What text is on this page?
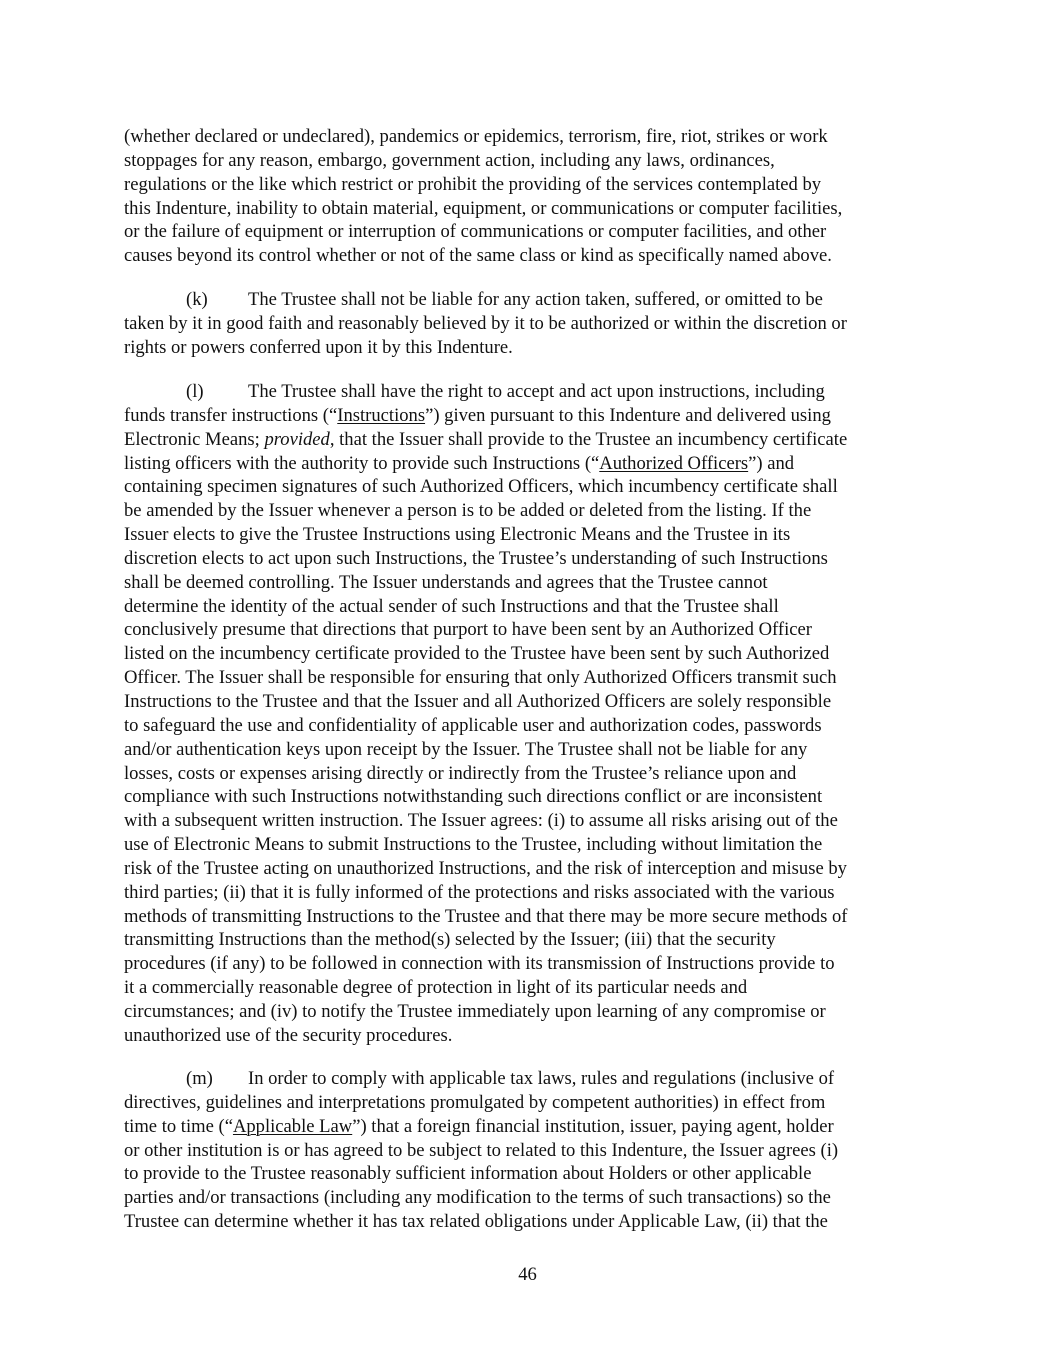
(whether declared or undeclared), pandemics or epidemics, terrorism, fire, riot, strikes or work
stoppages for any reason, embargo, government action, including any laws, ordinances,
regulations or the like which restrict or prohibit the providing of the services contemplated by
this Indenture, inability to obtain material, equipment, or communications or computer facilities,
or the failure of equipment or interruption of communications or computer facilities, and other
causes beyond its control whether or not of the same class or kind as specifically named above.
(k) The Trustee shall not be liable for any action taken, suffered, or omitted to be
taken by it in good faith and reasonably believed by it to be authorized or within the discretion or
rights or powers conferred upon it by this Indenture.
(l) The Trustee shall have the right to accept and act upon instructions, including
funds transfer instructions (“Instructions”) given pursuant to this Indenture and delivered using
Electronic Means; provided, that the Issuer shall provide to the Trustee an incumbency certificate
listing officers with the authority to provide such Instructions (“Authorized Officers”) and
containing specimen signatures of such Authorized Officers, which incumbency certificate shall
be amended by the Issuer whenever a person is to be added or deleted from the listing. If the
Issuer elects to give the Trustee Instructions using Electronic Means and the Trustee in its
discretion elects to act upon such Instructions, the Trustee’s understanding of such Instructions
shall be deemed controlling. The Issuer understands and agrees that the Trustee cannot
determine the identity of the actual sender of such Instructions and that the Trustee shall
conclusively presume that directions that purport to have been sent by an Authorized Officer
listed on the incumbency certificate provided to the Trustee have been sent by such Authorized
Officer. The Issuer shall be responsible for ensuring that only Authorized Officers transmit such
Instructions to the Trustee and that the Issuer and all Authorized Officers are solely responsible
to safeguard the use and confidentiality of applicable user and authorization codes, passwords
and/or authentication keys upon receipt by the Issuer. The Trustee shall not be liable for any
losses, costs or expenses arising directly or indirectly from the Trustee’s reliance upon and
compliance with such Instructions notwithstanding such directions conflict or are inconsistent
with a subsequent written instruction. The Issuer agrees: (i) to assume all risks arising out of the
use of Electronic Means to submit Instructions to the Trustee, including without limitation the
risk of the Trustee acting on unauthorized Instructions, and the risk of interception and misuse by
third parties; (ii) that it is fully informed of the protections and risks associated with the various
methods of transmitting Instructions to the Trustee and that there may be more secure methods of
transmitting Instructions than the method(s) selected by the Issuer; (iii) that the security
procedures (if any) to be followed in connection with its transmission of Instructions provide to
it a commercially reasonable degree of protection in light of its particular needs and
circumstances; and (iv) to notify the Trustee immediately upon learning of any compromise or
unauthorized use of the security procedures.
(m) In order to comply with applicable tax laws, rules and regulations (inclusive of
directives, guidelines and interpretations promulgated by competent authorities) in effect from
time to time (“Applicable Law”) that a foreign financial institution, issuer, paying agent, holder
or other institution is or has agreed to be subject to related to this Indenture, the Issuer agrees (i)
to provide to the Trustee reasonably sufficient information about Holders or other applicable
parties and/or transactions (including any modification to the terms of such transactions) so the
Trustee can determine whether it has tax related obligations under Applicable Law, (ii) that the
46
